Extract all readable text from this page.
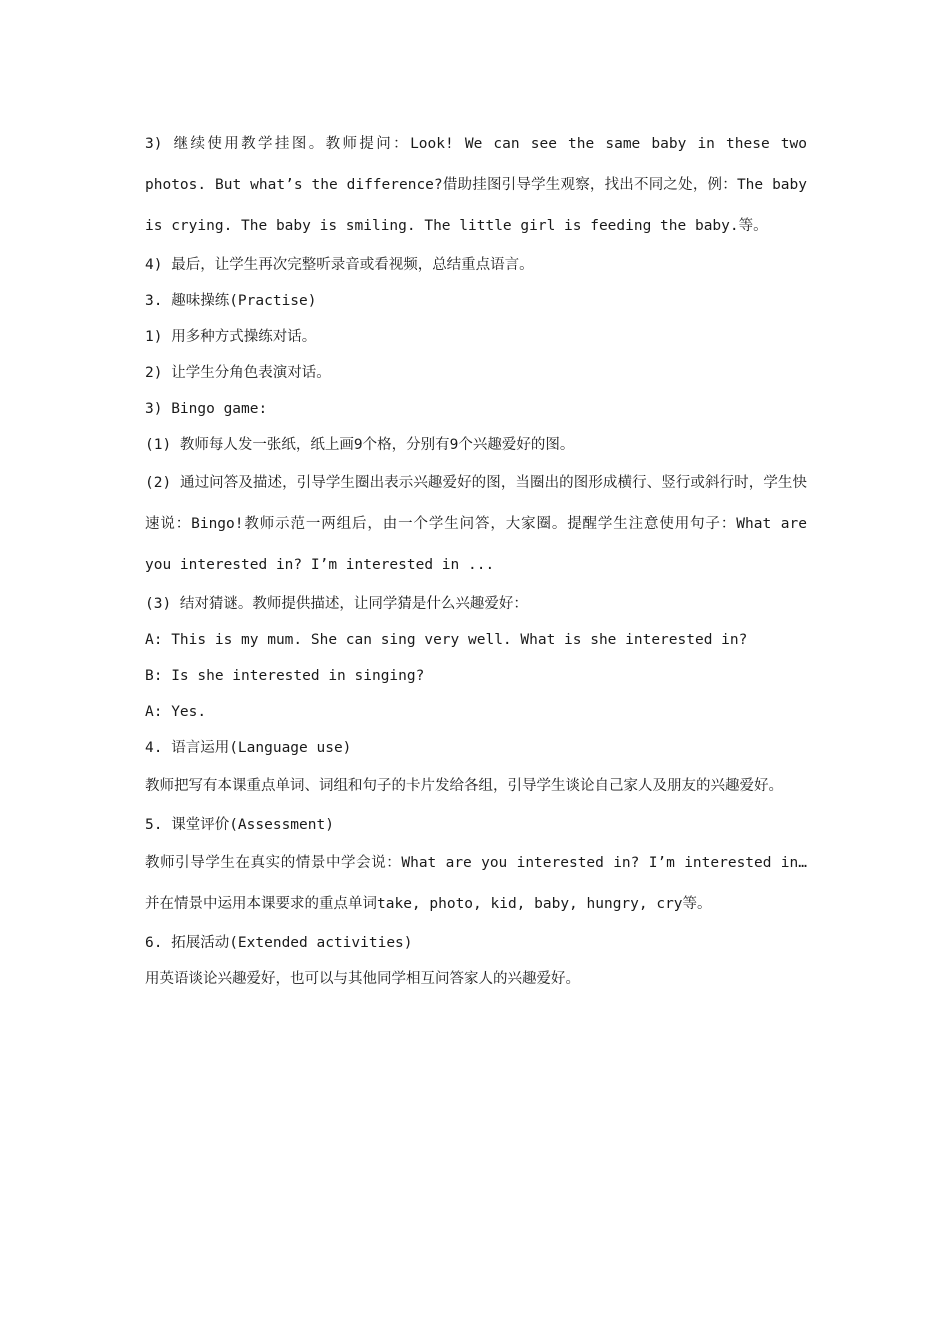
3) 继续使用教学挂图。教师提问：Look! We can see the same baby in these two photos. But what’s the difference?借助挂图引导学生观察，找出不同之处，例：The baby is crying. The baby is smiling. The little girl is feeding the baby.等。

4) 最后，让学生再次完整听录音或看视频，总结重点语言。

3. 趣味操练(Practise)

1) 用多种方式操练对话。

2) 让学生分角色表演对话。

3) Bingo game:

(1) 教师每人发一张纸，纸上画9个格，分别有9个兴趣爱好的图。

(2) 通过问答及描述，引导学生圈出表示兴趣爱好的图，当圈出的图形成横行、竖行或斜行时，学生快速说：Bingo!教师示范一两组后，由一个学生问答，大家圈。提醒学生注意使用句子：What are you interested in? I’m interested in ...

(3) 结对猜谜。教师提供描述，让同学猜是什么兴趣爱好：

A: This is my mum. She can sing very well. What is she interested in?

B: Is she interested in singing?

A: Yes.

4. 语言运用(Language use)

教师把写有本课重点单词、词组和句子的卡片发给各组，引导学生谈论自己家人及朋友的兴趣爱好。

5. 课堂评价(Assessment)

教师引导学生在真实的情景中学会说：What are you interested in? I’m interested in…并在情景中运用本课要求的重点单词take, photo, kid, baby, hungry, cry等。

6. 拓展活动(Extended activities)

用英语谈论兴趣爱好，也可以与其他同学相互问答家人的兴趣爱好。
